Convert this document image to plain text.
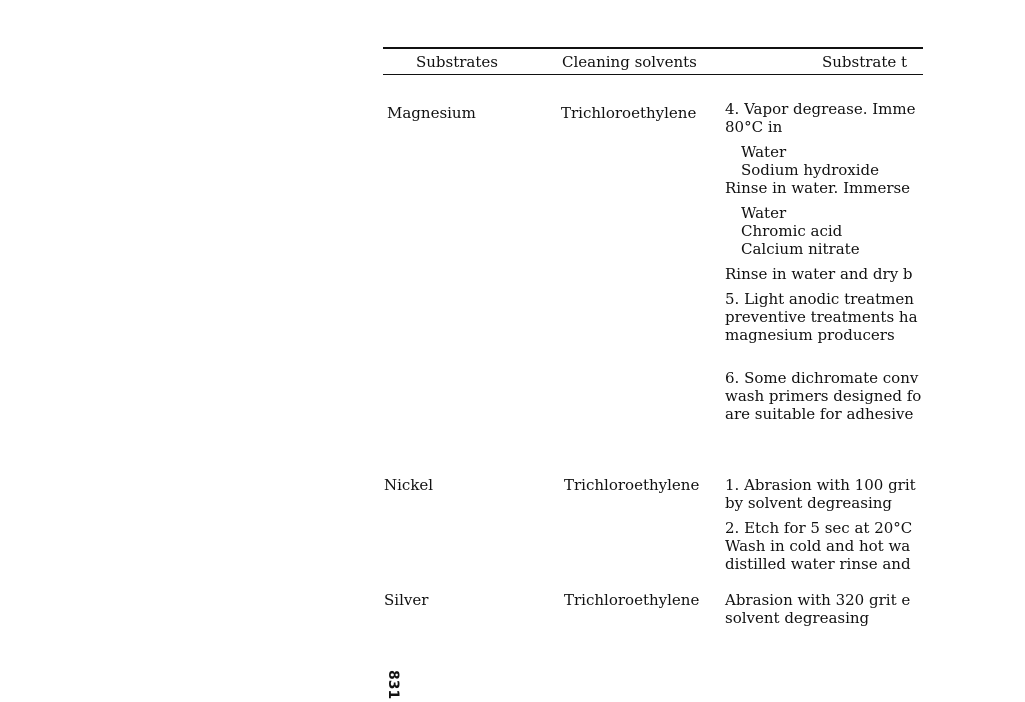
Substrates	Cleaning solvents	Substrate t
Magnesium	Trichloroethylene 4. Vapor degrease. Imme
80°C in
Water
Sodium hydroxide
Rinse in water. Immerse
Water
Chromic acid
Calcium nitrate
Rinse in water and dry b
5. Light anodic treatmen
preventive treatments ha
magnesium producers
6. Some dichromate conv
wash primers designed fo
are suitable for adhesive
Nickel	Trichloroethylene 1. Abrasion with 100 grit
by solvent degreasing
2. Etch for 5 sec at 20°C
Wash in cold and hot wa
distilled water rinse and
Silver	Trichloroethylene Abrasion with 320 grit e
solvent degreasing
831
